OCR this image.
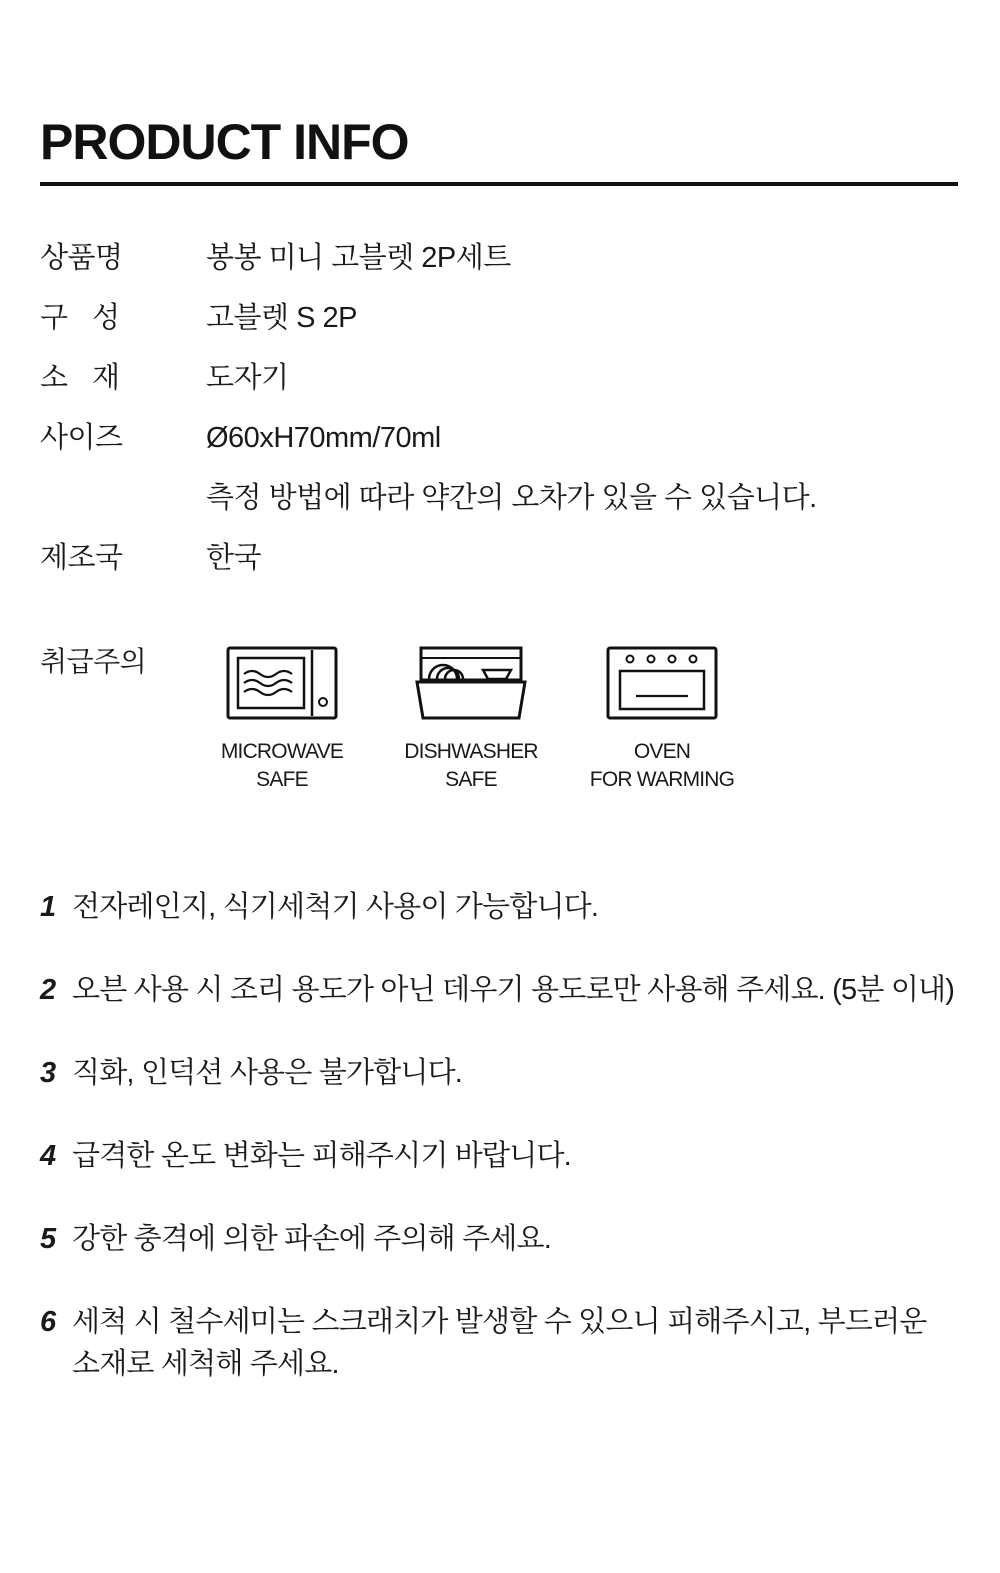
PRODUCT INFO
상품명	봉봉 미니 고블렛 2P세트
구성	고블렛 S 2P
소재	도자기
사이즈	Ø60xH70mm/70ml
측정 방법에 따라 약간의 오차가 있을 수 있습니다.
제조국	한국
취급주의
MICROWAVE
SAFE
DISHWASHER
SAFE
OVEN
FOR WARMING
1 전자레인지, 식기세척기 사용이 가능합니다.
2 오븐 사용 시 조리 용도가 아닌 데우기 용도로만 사용해 주세요. (5분 이내)
3 직화, 인덕션 사용은 불가합니다.
4 급격한 온도 변화는 피해주시기 바랍니다.
5 강한 충격에 의한 파손에 주의해 주세요.
6 세척 시 철수세미는 스크래치가 발생할 수 있으니 피해주시고, 부드러운 소재로 세척해 주세요.
